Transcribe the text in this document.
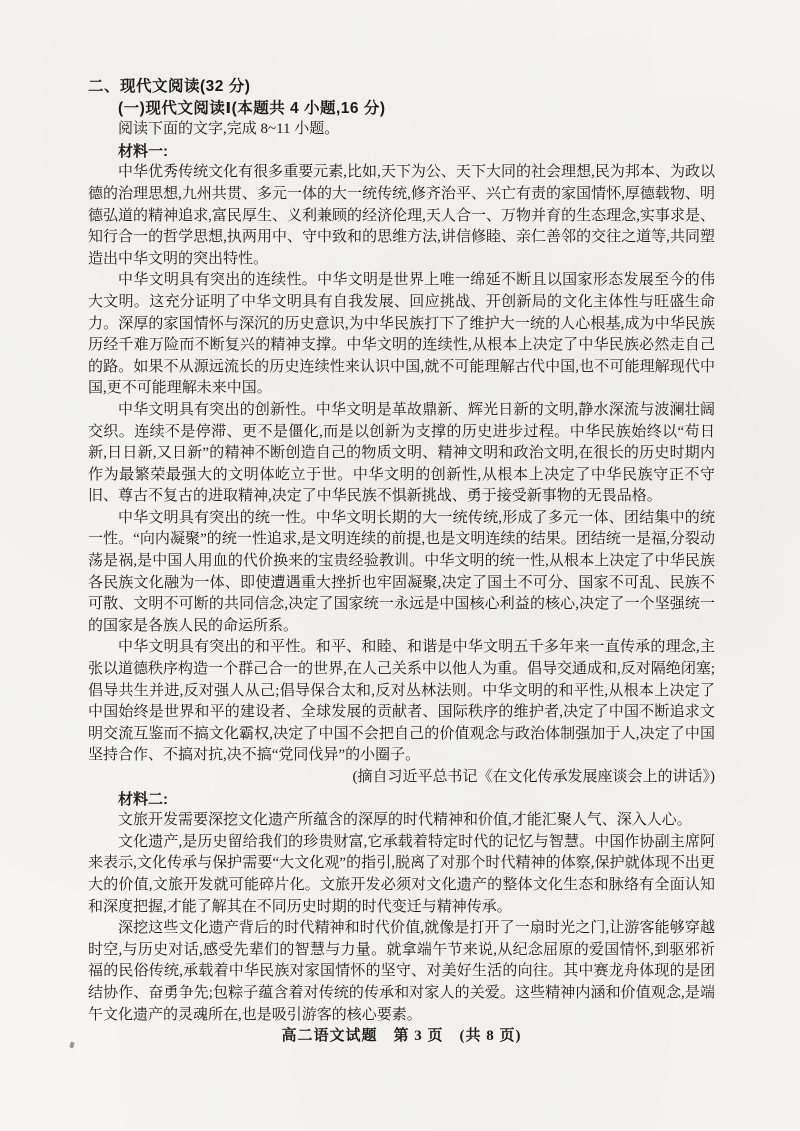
二、现代文阅读(32 分)
(一)现代文阅读Ⅰ(本题共 4 小题,16 分)
阅读下面的文字,完成 8~11 小题。
材料一:

中华优秀传统文化有很多重要元素,比如,天下为公、天下大同的社会理想,民为邦本、为政以德的治理思想,九州共贯、多元一体的大一统传统,修齐治平、兴亡有责的家国情怀,厚德载物、明德弘道的精神追求,富民厚生、义利兼顾的经济伦理,天人合一、万物并育的生态理念,实事求是、知行合一的哲学思想,执两用中、守中致和的思维方法,讲信修睦、亲仁善邻的交往之道等,共同塑造出中华文明的突出特性。

中华文明具有突出的连续性。中华文明是世界上唯一绵延不断且以国家形态发展至今的伟大文明。这充分证明了中华文明具有自我发展、回应挑战、开创新局的文化主体性与旺盛生命力。深厚的家国情怀与深沉的历史意识,为中华民族打下了维护大一统的人心根基,成为中华民族历经千难万险而不断复兴的精神支撑。中华文明的连续性,从根本上决定了中华民族必然走自己的路。如果不从源远流长的历史连续性来认识中国,就不可能理解古代中国,也不可能理解现代中国,更不可能理解未来中国。

中华文明具有突出的创新性。中华文明是革故鼎新、辉光日新的文明,静水深流与波澜壮阔交织。连续不是停滞、更不是僵化,而是以创新为支撑的历史进步过程。中华民族始终以“苟日新,日日新,又日新”的精神不断创造自己的物质文明、精神文明和政治文明,在很长的历史时期内作为最繁荣最强大的文明体屹立于世。中华文明的创新性,从根本上决定了中华民族守正不守旧、尊古不复古的进取精神,决定了中华民族不惧新挑战、勇于接受新事物的无畏品格。

中华文明具有突出的统一性。中华文明长期的大一统传统,形成了多元一体、团结集中的统一性。“向内凝聚”的统一性追求,是文明连续的前提,也是文明连续的结果。团结统一是福,分裂动荡是祸,是中国人用血的代价换来的宝贵经验教训。中华文明的统一性,从根本上决定了中华民族各民族文化融为一体、即使遭遇重大挫折也牢固凝聚,决定了国土不可分、国家不可乱、民族不可散、文明不可断的共同信念,决定了国家统一永远是中国核心利益的核心,决定了一个坚强统一的国家是各族人民的命运所系。

中华文明具有突出的和平性。和平、和睦、和谐是中华文明五千多年来一直传承的理念,主张以道德秩序构造一个群己合一的世界,在人己关系中以他人为重。倡导交通成和,反对隔绝闭塞;倡导共生并进,反对强人从己;倡导保合太和,反对丛林法则。中华文明的和平性,从根本上决定了中国始终是世界和平的建设者、全球发展的贡献者、国际秩序的维护者,决定了中国不断追求文明交流互鉴而不搞文化霸权,决定了中国不会把自己的价值观念与政治体制强加于人,决定了中国坚持合作、不搞对抗,决不搞“党同伐异”的小圈子。

(摘自习近平总书记《在文化传承发展座谈会上的讲话》)
材料二:

文旅开发需要深挖文化遗产所蕴含的深厚的时代精神和价值,才能汇聚人气、深入人心。

文化遗产,是历史留给我们的珍贵财富,它承载着特定时代的记忆与智慧。中国作协副主席阿来表示,文化传承与保护需要“大文化观”的指引,脱离了对那个时代精神的体察,保护就体现不出更大的价值,文旅开发就可能碎片化。文旅开发必须对文化遗产的整体文化生态和脉络有全面认知和深度把握,才能了解其在不同历史时期的时代变迁与精神传承。

深挖这些文化遗产背后的时代精神和时代价值,就像是打开了一扇时光之门,让游客能够穿越时空,与历史对话,感受先辈们的智慧与力量。就拿端午节来说,从纪念屈原的爱国情怀,到驱邪祈福的民俗传统,承载着中华民族对家国情怀的坚守、对美好生活的向往。其中赛龙舟体现的是团结协作、奋勇争先;包粽子蕴含着对传统的传承和对家人的关爱。这些精神内涵和价值观念,是端午文化遗产的灵魂所在,也是吸引游客的核心要素。

高二语文试题　第 3 页　(共 8 页)
